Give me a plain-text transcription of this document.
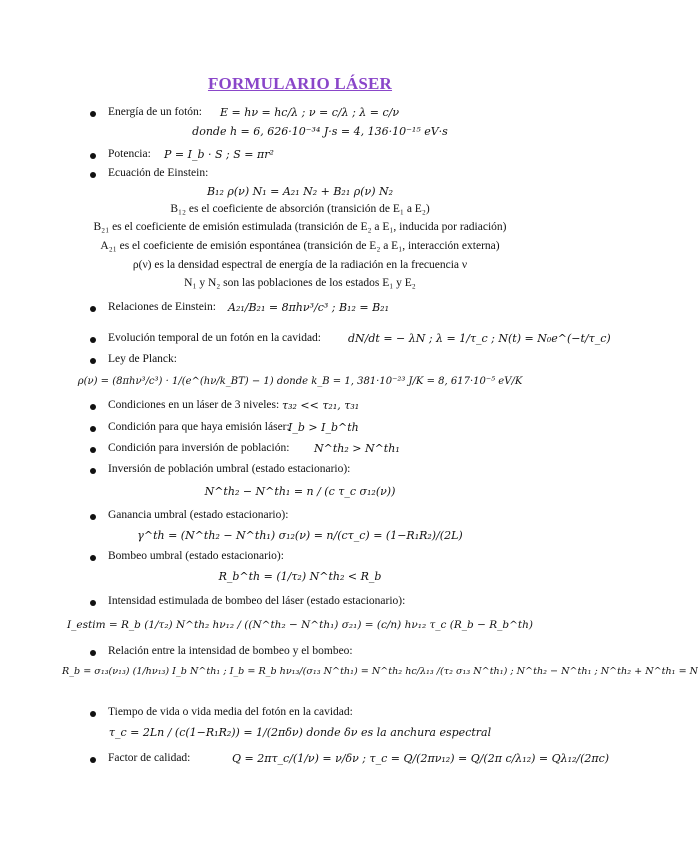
FORMULARIO LÁSER
Energía de un fotón: E = hν = hc/λ ; ν = c/λ ; λ = c/ν
donde h = 6, 626·10⁻³⁴ J·s = 4, 136·10⁻¹⁵ eV·s
Potencia: P = I_b · S ; S = πr²
Ecuación de Einstein:
B₁₂ ρ(ν) N₁ = A₂₁ N₂ + B₂₁ ρ(ν) N₂
B₁₂ es el coeficiente de absorción (transición de E₁ a E₂)
B₂₁ es el coeficiente de emisión estimulada (transición de E₂ a E₁, inducida por radiación)
A₂₁ es el coeficiente de emisión espontánea (transición de E₂ a E₁, interacción externa)
ρ(ν) es la densidad espectral de energía de la radiación en la frecuencia ν
N₁ y N₂ son las poblaciones de los estados E₁ y E₂
Relaciones de Einstein: A₂₁/B₂₁ = 8πhν³/c³ ; B₁₂ = B₂₁
Evolución temporal de un fotón en la cavidad: dN/dt = − λN ; λ = 1/τ_c ; N(t) = N₀e^(−t/τ_c)
Ley de Planck:
ρ(ν) = (8πhν³/c³) · 1/(e^(hν/k_BT) − 1) donde k_B = 1, 381·10⁻²³ J/K = 8, 617·10⁻⁵ eV/K
Condiciones en un láser de 3 niveles: τ₃₂ << τ₂₁, τ₃₁
Condición para que haya emisión láser:
I_b > I_b^th
Condición para inversión de población: N^th₂ > N^th₁
Inversión de población umbral (estado estacionario):
N^th₂ − N^th₁ = n / (c τ_c σ₁₂(ν))
Ganancia umbral (estado estacionario):
γ^th = (N^th₂ − N^th₁) σ₁₂(ν) = n/(cτ_c) = (1−R₁R₂)/(2L)
Bombeo umbral (estado estacionario):
R_b^th = (1/τ₂) N^th₂ < R_b
Intensidad estimulada de bombeo del láser (estado estacionario):
I_estim = R_b (1/τ₂) N^th₂ hν₁₂ / ((N^th₂ − N^th₁) σ₂₁) = (c/n) hν₁₂ τ_c (R_b − R_b^th)
Relación entre la intensidad de bombeo y el bombeo:
R_b = σ₁₃(ν₁₃) (1/hν₁₃) I_b N^th₁ ; I_b = R_b hν₁₃/(σ₁₃ N^th₁) = N^th₂ hc/λ₁₃ /(τ₂ σ₁₃ N^th₁) ; N^th₂ − N^th₁ ; N^th₂ + N^th₁ = N
Tiempo de vida o vida media del fotón en la cavidad:
τ_c = 2Ln / (c(1−R₁R₂)) = 1/(2πδν) donde δν es la anchura espectral
Factor de calidad:	Q = 2πτ_c/(1/ν) = ν/δν ; τ_c = Q/(2πν₁₂) = Q/(2π c/λ₁₂) = Qλ₁₂/(2πc)
